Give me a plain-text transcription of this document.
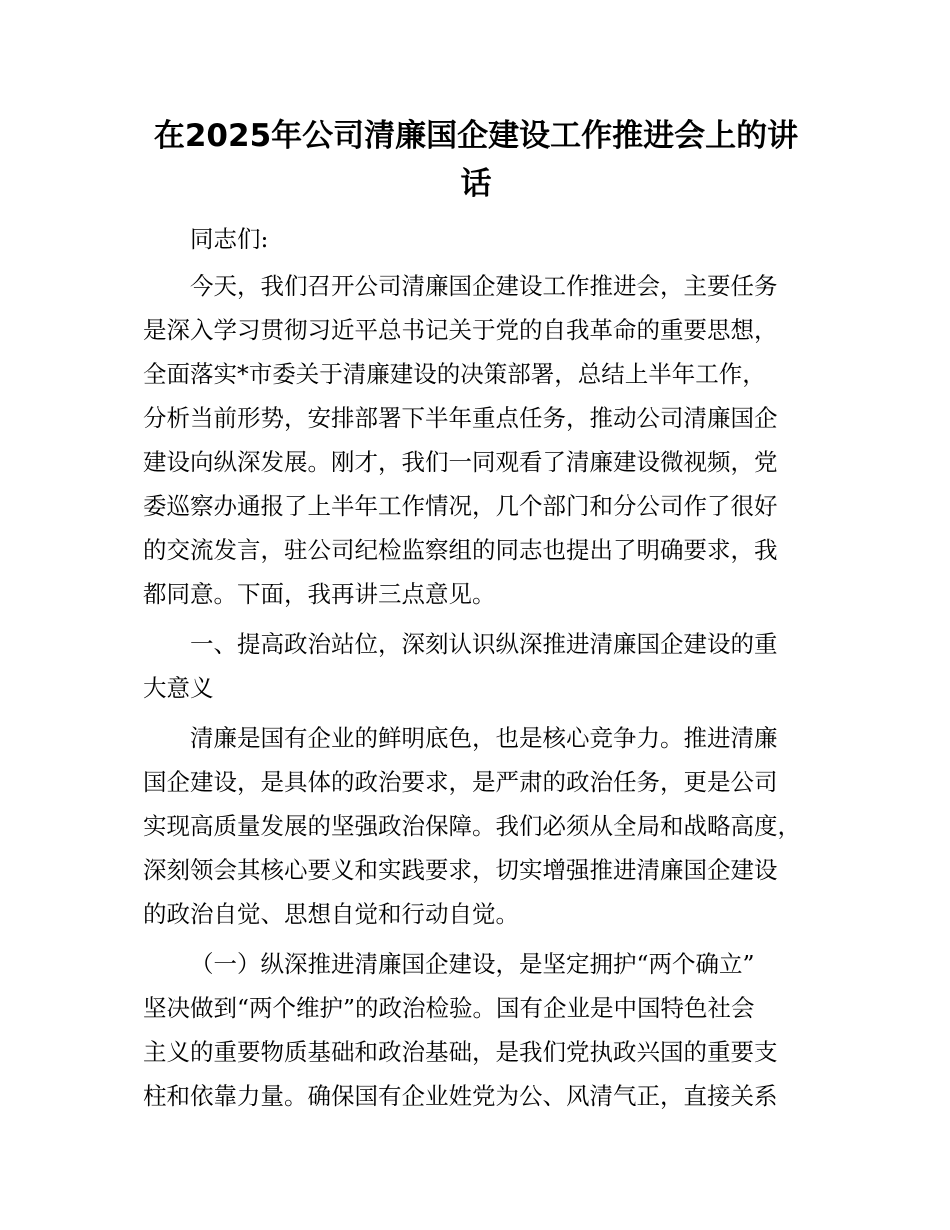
在2025年公司清廉国企建设工作推进会上的讲话
同志们:
今天，我们召开公司清廉国企建设工作推进会，主要任务
是深入学习贯彻习近平总书记关于党的自我革命的重要思想，
全面落实*市委关于清廉建设的决策部署，总结上半年工作，
分析当前形势，安排部署下半年重点任务，推动公司清廉国企
建设向纵深发展。刚才，我们一同观看了清廉建设微视频，党
委巡察办通报了上半年工作情况，几个部门和分公司作了很好
的交流发言，驻公司纪检监察组的同志也提出了明确要求，我
都同意。下面，我再讲三点意见。
一、提高政治站位，深刻认识纵深推进清廉国企建设的重
大意义
清廉是国有企业的鲜明底色，也是核心竞争力。推进清廉
国企建设，是具体的政治要求，是严肃的政治任务，更是公司
实现高质量发展的坚强政治保障。我们必须从全局和战略高度，
深刻领会其核心要义和实践要求，切实增强推进清廉国企建设
的政治自觉、思想自觉和行动自觉。
（一）纵深推进清廉国企建设，是坚定拥护“两个确立”
坚决做到“两个维护”的政治检验。国有企业是中国特色社会
主义的重要物质基础和政治基础，是我们党执政兴国的重要支
柱和依靠力量。确保国有企业姓党为公、风清气正，直接关系
